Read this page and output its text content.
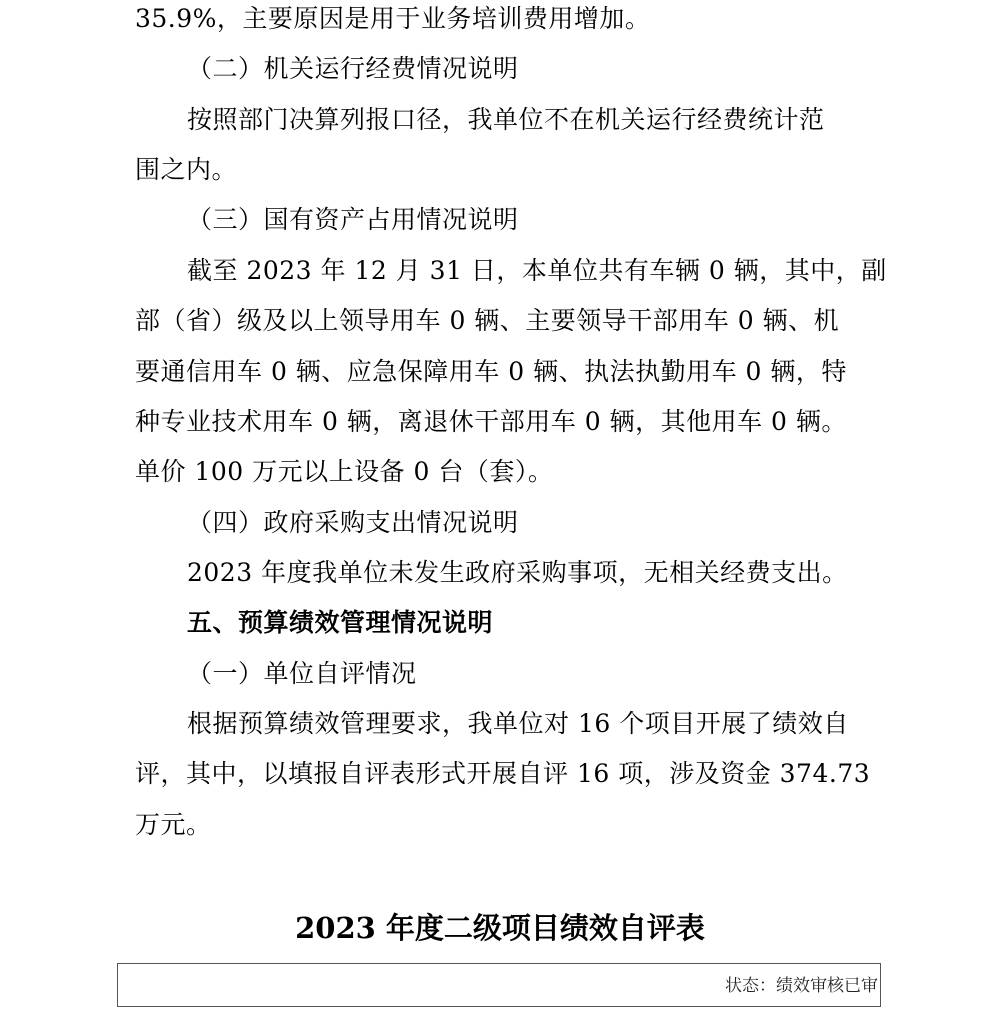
35.9%，主要原因是用于业务培训费用增加。
（二）机关运行经费情况说明
按照部门决算列报口径，我单位不在机关运行经费统计范
围之内。
（三）国有资产占用情况说明
截至 2023 年 12 月 31 日，本单位共有车辆 0 辆，其中，副
部（省）级及以上领导用车 0 辆、主要领导干部用车 0 辆、机
要通信用车 0 辆、应急保障用车 0 辆、执法执勤用车 0 辆，特
种专业技术用车 0 辆，离退休干部用车 0 辆，其他用车 0 辆。
单价 100 万元以上设备 0 台（套）。
（四）政府采购支出情况说明
2023 年度我单位未发生政府采购事项，无相关经费支出。
五、预算绩效管理情况说明
（一）单位自评情况
根据预算绩效管理要求，我单位对 16 个项目开展了绩效自
评，其中，以填报自评表形式开展自评 16 项，涉及资金 374.73
万元。
2023 年度二级项目绩效自评表
状态：绩效审核已审
